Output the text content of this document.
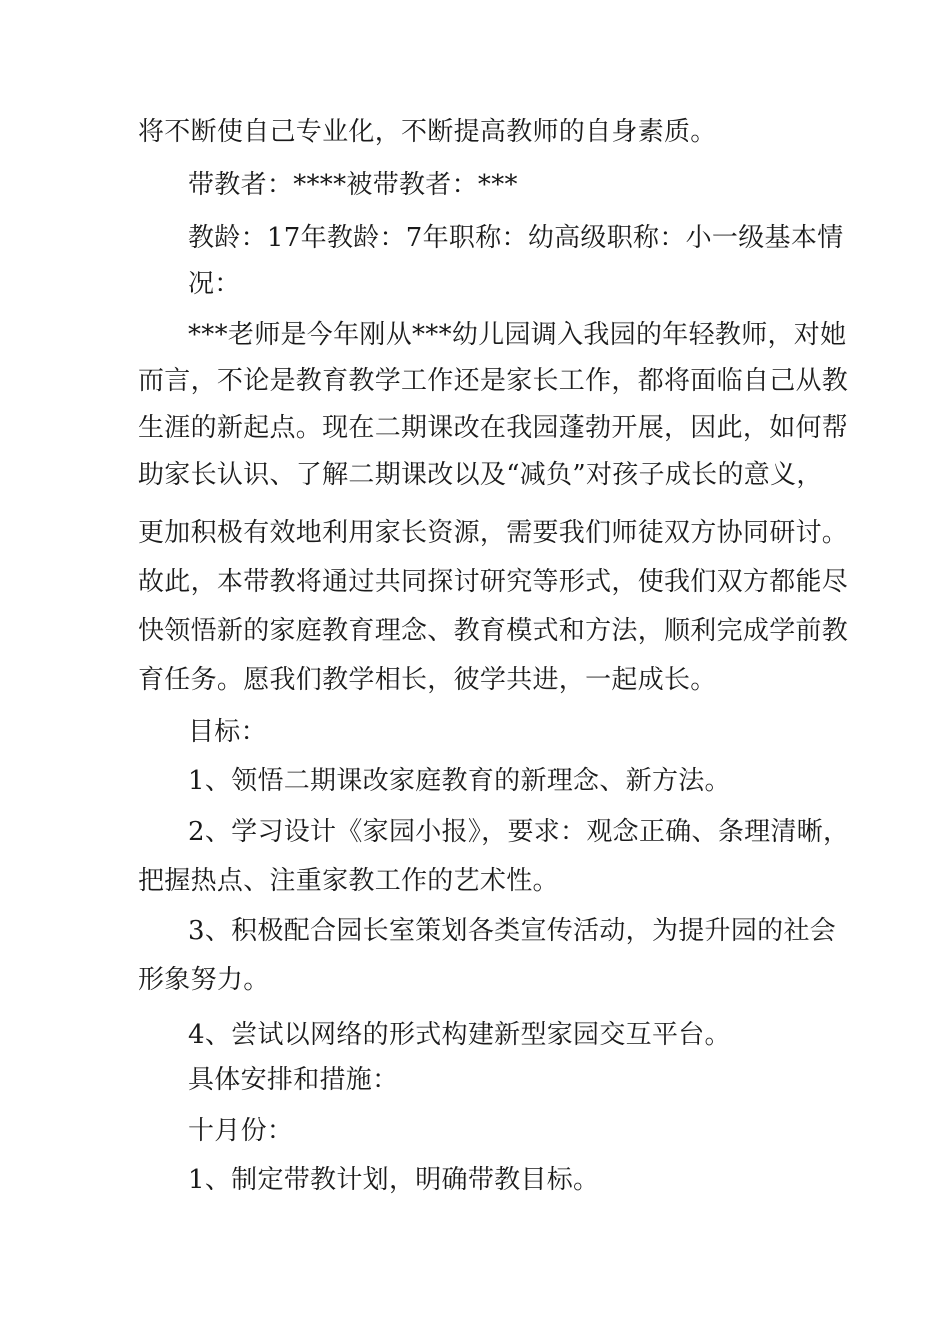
将不断使自己专业化，不断提高教师的自身素质。
带教者：****被带教者：***
教龄：17年教龄：7年职称：幼高级职称：小一级基本情
况：
***老师是今年刚从***幼儿园调入我园的年轻教师，对她
而言，不论是教育教学工作还是家长工作，都将面临自己从教
生涯的新起点。现在二期课改在我园蓬勃开展，因此，如何帮
助家长认识、了解二期课改以及“减负”对孩子成长的意义，
更加积极有效地利用家长资源，需要我们师徒双方协同研讨。
故此，本带教将通过共同探讨研究等形式，使我们双方都能尽
快领悟新的家庭教育理念、教育模式和方法，顺利完成学前教
育任务。愿我们教学相长，彼学共进，一起成长。
目标：
1、领悟二期课改家庭教育的新理念、新方法。
2、学习设计《家园小报》，要求：观念正确、条理清晰，
把握热点、注重家教工作的艺术性。
3、积极配合园长室策划各类宣传活动，为提升园的社会
形象努力。
4、尝试以网络的形式构建新型家园交互平台。
具体安排和措施：
十月份：
1、制定带教计划，明确带教目标。
